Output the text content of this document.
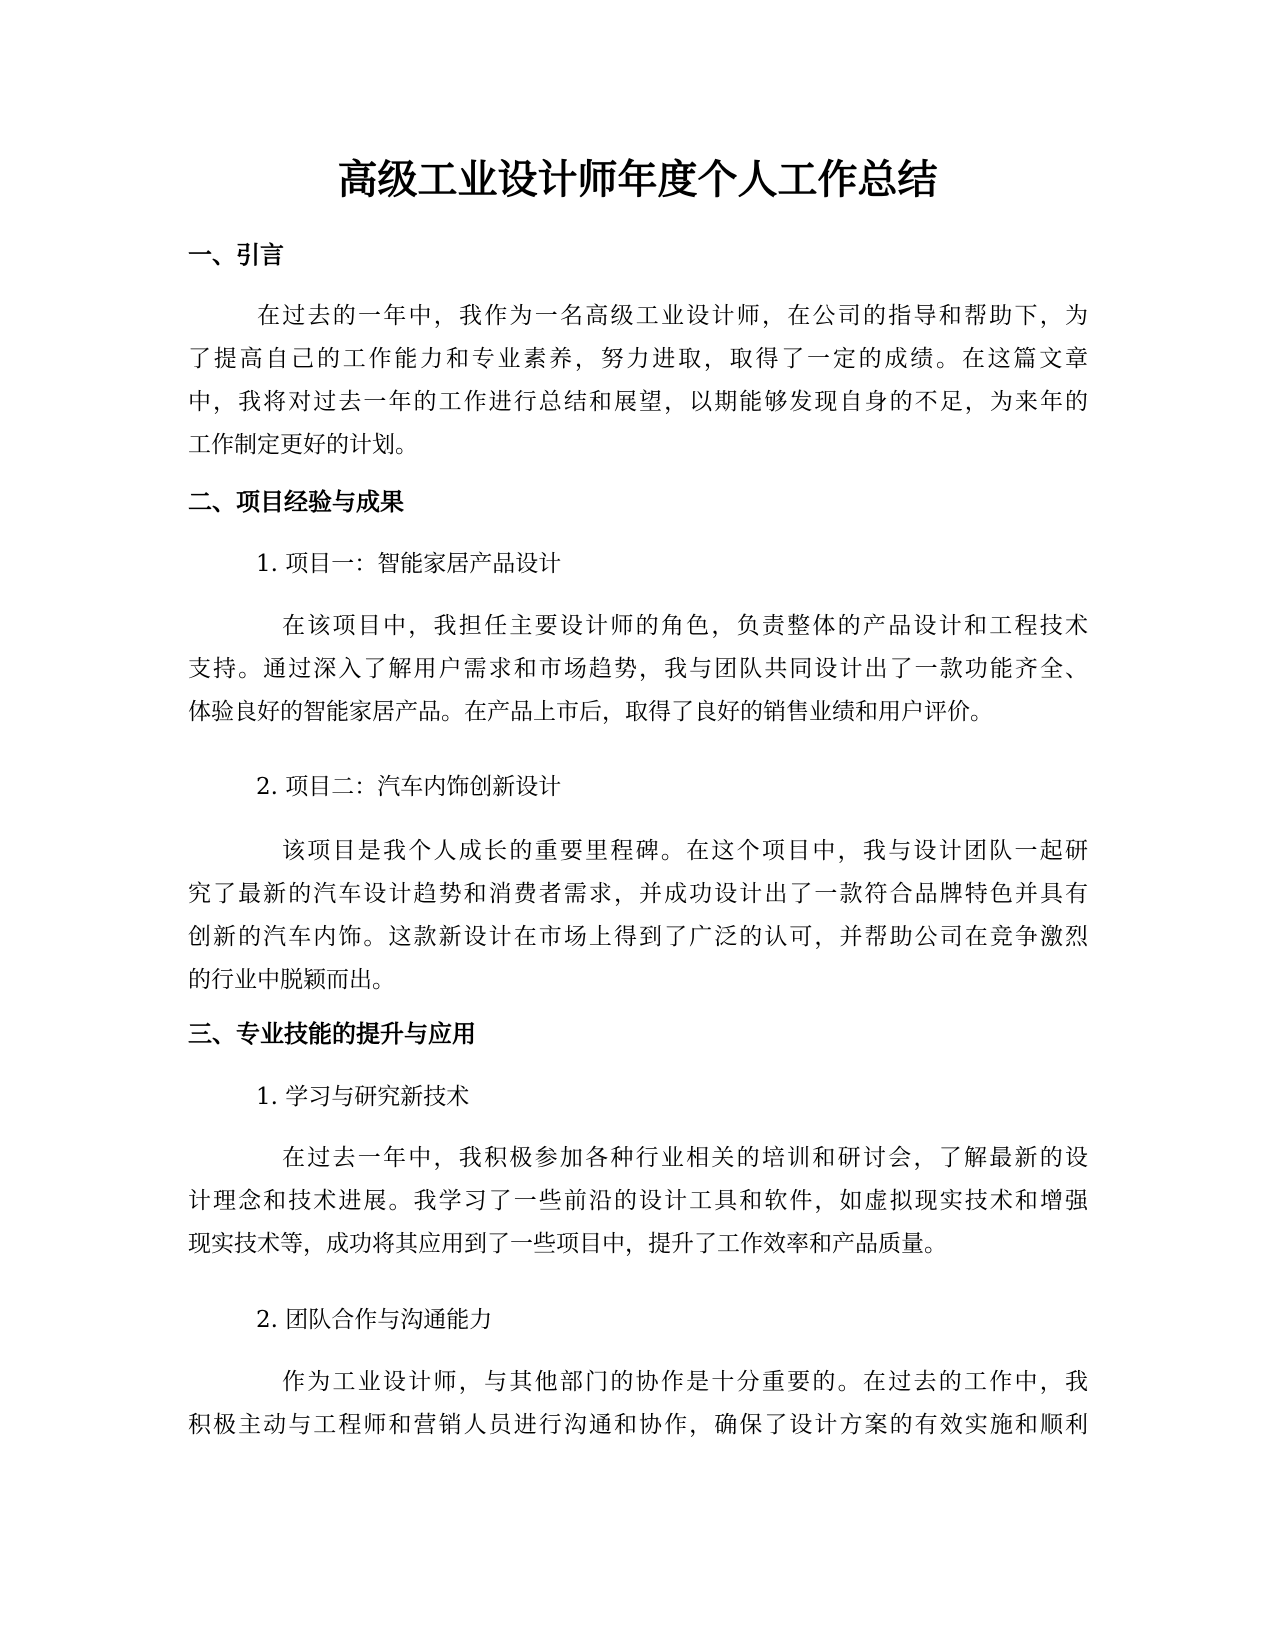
高级工业设计师年度个人工作总结
一、引言

在过去的一年中，我作为一名高级工业设计师，在公司的指导和帮助下，为
了提高自己的工作能力和专业素养，努力进取，取得了一定的成绩。在这篇文章
中，我将对过去一年的工作进行总结和展望，以期能够发现自身的不足，为来年的
工作制定更好的计划。

二、项目经验与成果

1. 项目一：智能家居产品设计

在该项目中，我担任主要设计师的角色，负责整体的产品设计和工程技术
支持。通过深入了解用户需求和市场趋势，我与团队共同设计出了一款功能齐全、
体验良好的智能家居产品。在产品上市后，取得了良好的销售业绩和用户评价。

2. 项目二：汽车内饰创新设计

该项目是我个人成长的重要里程碑。在这个项目中，我与设计团队一起研
究了最新的汽车设计趋势和消费者需求，并成功设计出了一款符合品牌特色并具有
创新的汽车内饰。这款新设计在市场上得到了广泛的认可，并帮助公司在竞争激烈
的行业中脱颖而出。

三、专业技能的提升与应用

1. 学习与研究新技术

在过去一年中，我积极参加各种行业相关的培训和研讨会，了解最新的设
计理念和技术进展。我学习了一些前沿的设计工具和软件，如虚拟现实技术和增强
现实技术等，成功将其应用到了一些项目中，提升了工作效率和产品质量。

2. 团队合作与沟通能力

作为工业设计师，与其他部门的协作是十分重要的。在过去的工作中，我
积极主动与工程师和营销人员进行沟通和协作，确保了设计方案的有效实施和顺利
